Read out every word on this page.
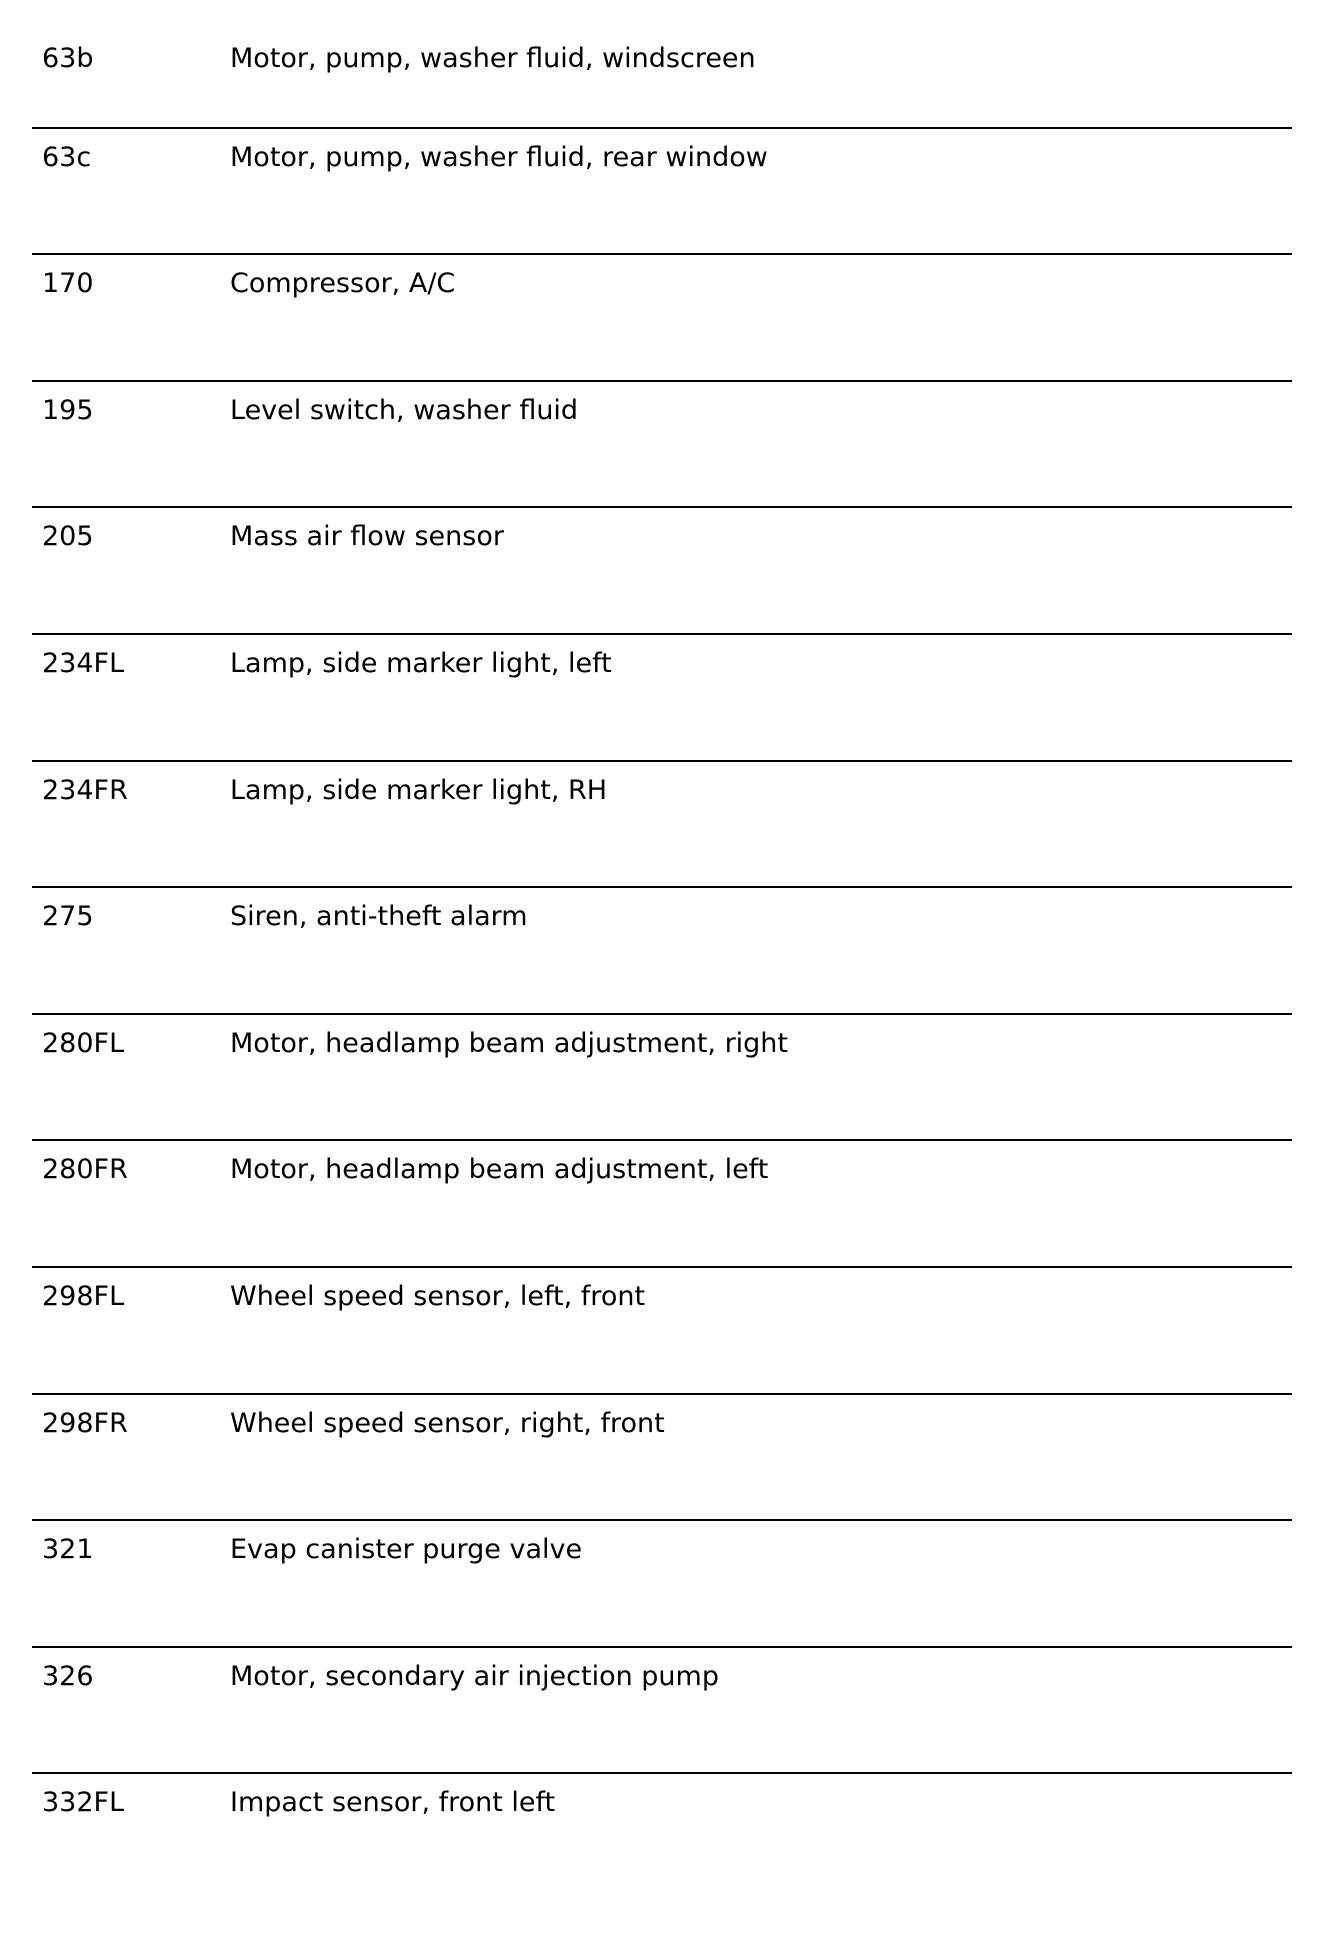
63b	Motor, pump, washer fluid, windscreen
63c	Motor, pump, washer fluid, rear window
170	Compressor, A/C
195	Level switch, washer fluid
205	Mass air flow sensor
234FL	Lamp, side marker light, left
234FR	Lamp, side marker light, RH
275	Siren, anti-theft alarm
280FL	Motor, headlamp beam adjustment, right
280FR	Motor, headlamp beam adjustment, left
298FL	Wheel speed sensor, left, front
298FR	Wheel speed sensor, right, front
321	Evap canister purge valve
326	Motor, secondary air injection pump
332FL	Impact sensor, front left
